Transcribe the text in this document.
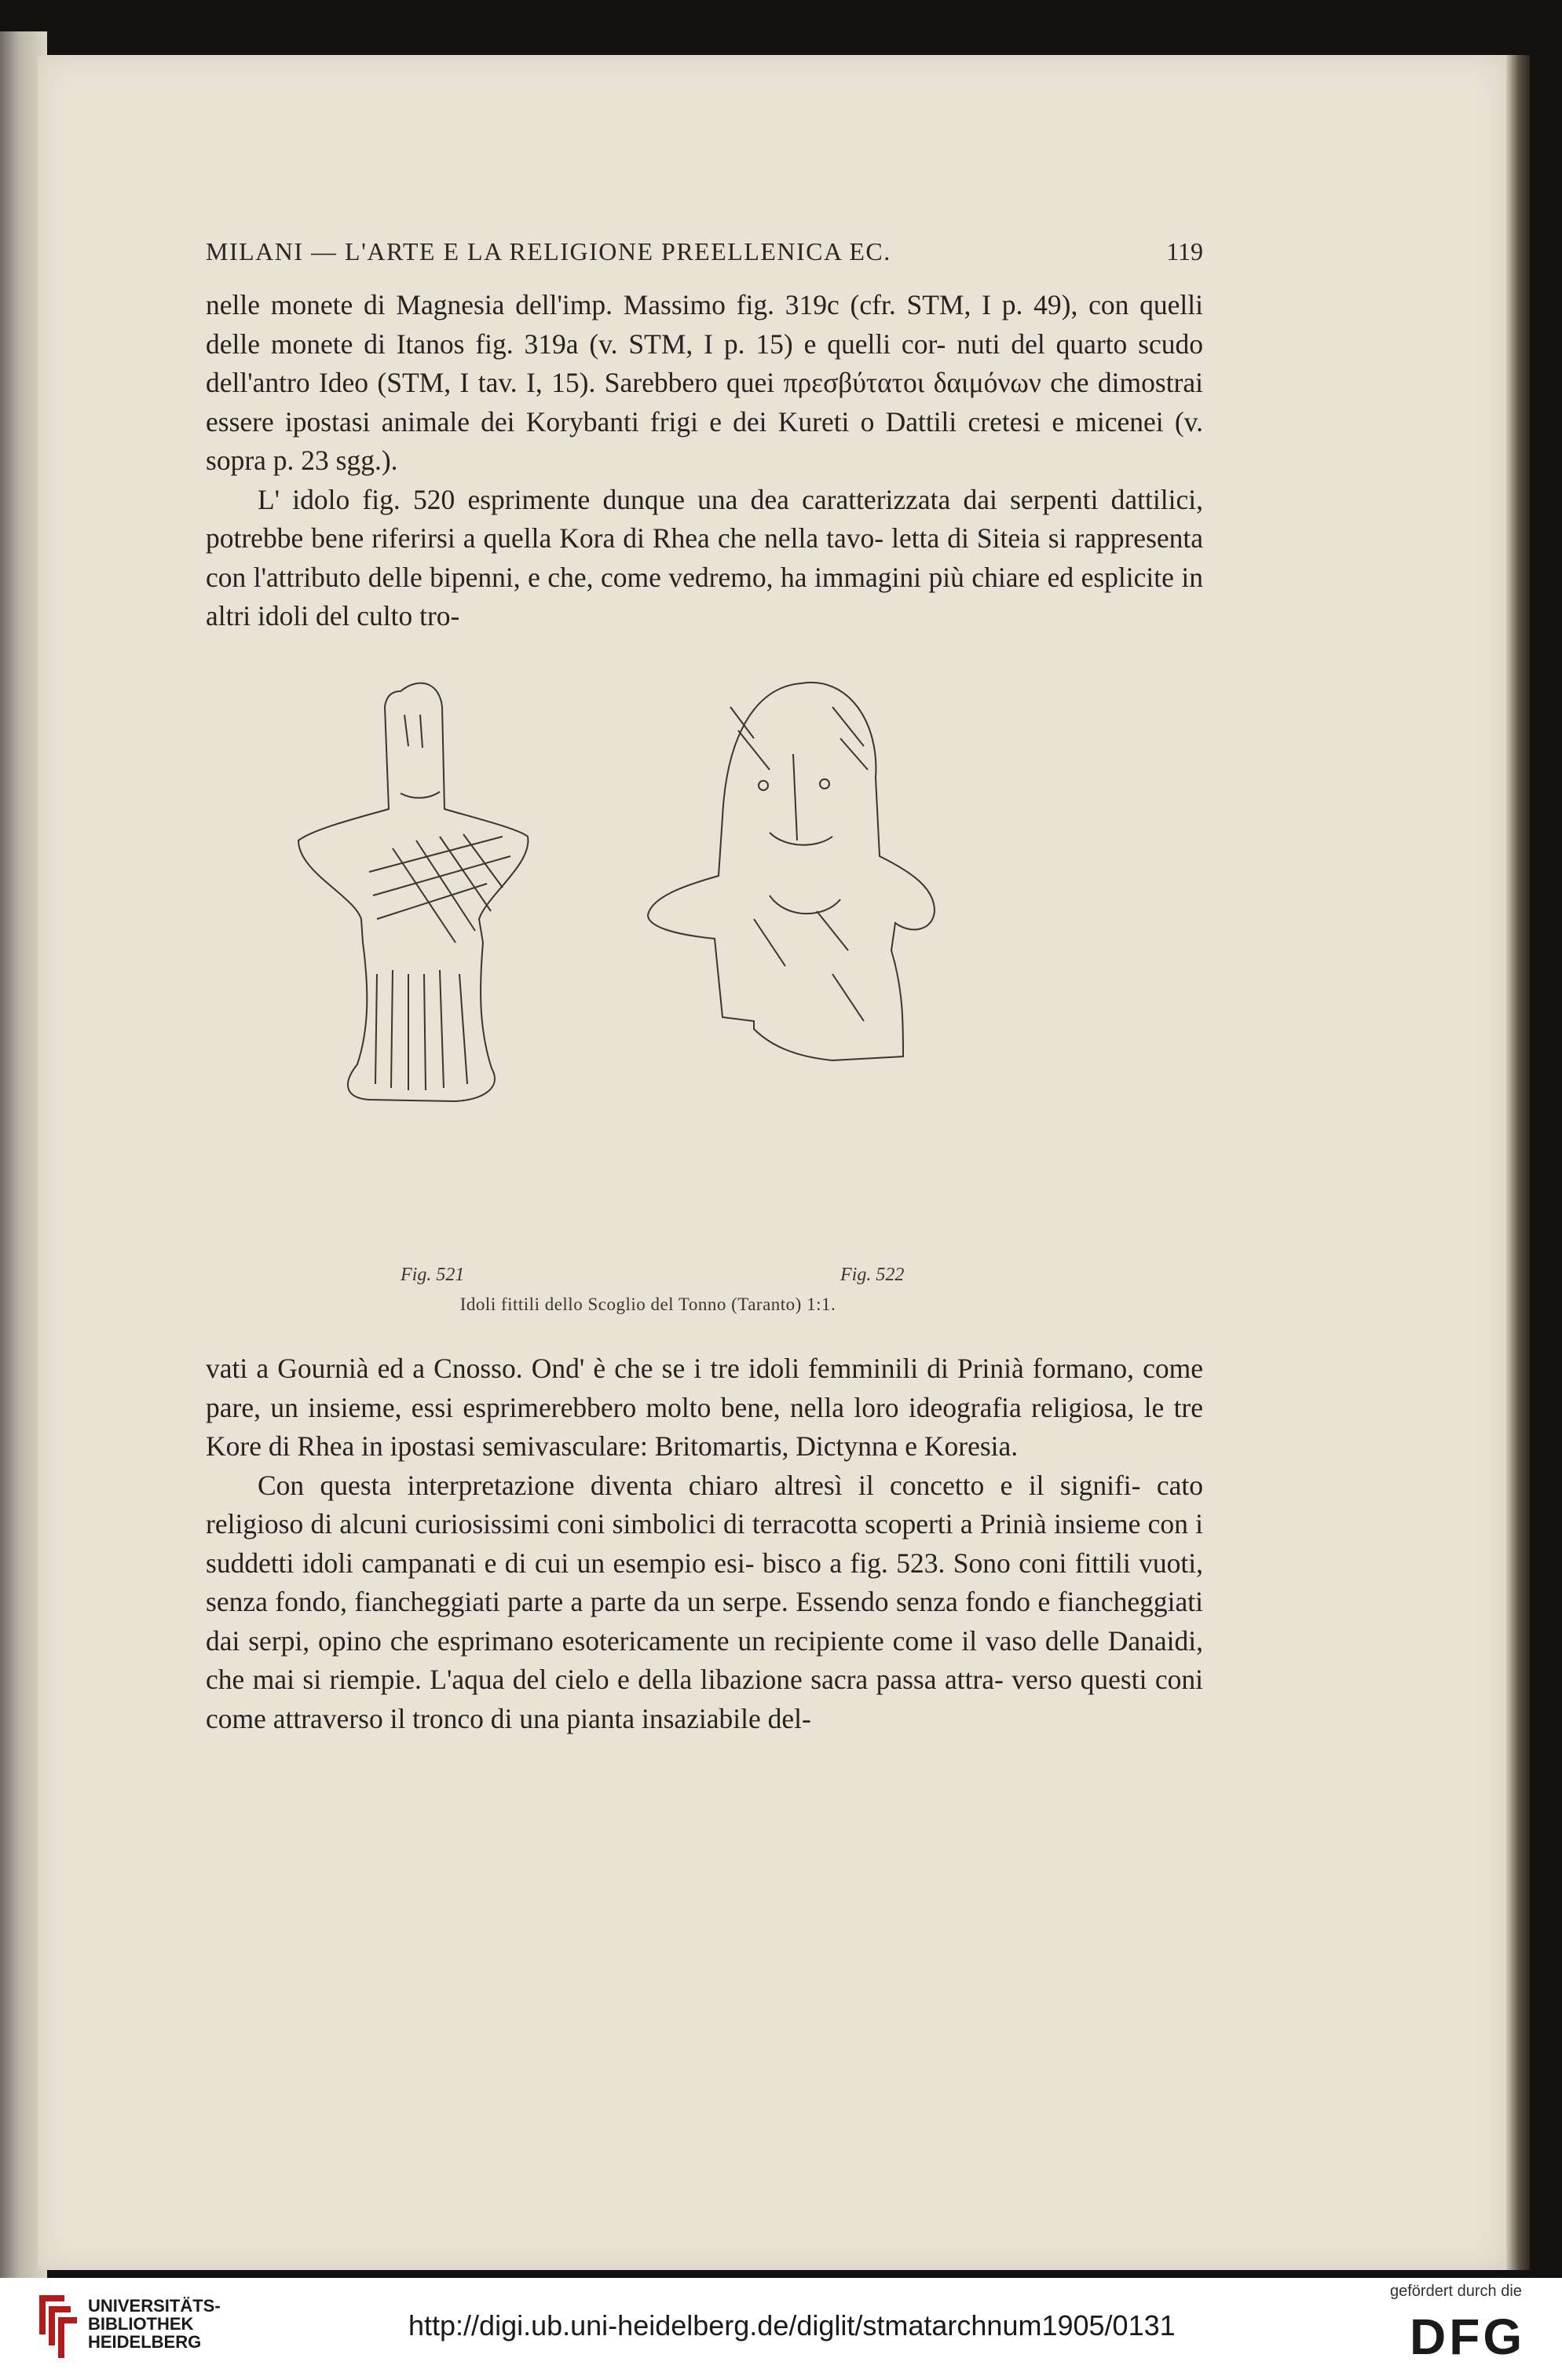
MILANI — L'ARTE E LA RELIGIONE PREELLENICA EC.	119

nelle monete di Magnesia dell'imp. Massimo fig. 319c (cfr. STM, I p. 49), con quelli delle monete di Itanos fig. 319a (v. STM, I p. 15) e quelli cor- nuti del quarto scudo dell'antro Ideo (STM, I tav. I, 15). Sarebbero quei πρεσβύτατοι δαιμόνων che dimostrai essere ipostasi animale dei Korybanti frigi e dei Kureti o Dattili cretesi e micenei (v. sopra p. 23 sgg.).

L' idolo fig. 520 esprimente dunque una dea caratterizzata dai serpenti dattilici, potrebbe bene riferirsi a quella Kora di Rhea che nella tavo- letta di Siteia si rappresenta con l'attributo delle bipenni, e che, come vedremo, ha immagini più chiare ed esplicite in altri idoli del culto tro-

Fig. 521	Fig. 522
Idoli fittili dello Scoglio del Tonno (Taranto) 1:1.

vati a Gournià ed a Cnosso. Ond' è che se i tre idoli femminili di Prinià formano, come pare, un insieme, essi esprimerebbero molto bene, nella loro ideografia religiosa, le tre Kore di Rhea in ipostasi semivasculare: Britomartis, Dictynna e Koresia.

Con questa interpretazione diventa chiaro altresì il concetto e il signifi- cato religioso di alcuni curiosissimi coni simbolici di terracotta scoperti a Prinià insieme con i suddetti idoli campanati e di cui un esempio esi- bisco a fig. 523. Sono coni fittili vuoti, senza fondo, fiancheggiati parte a parte da un serpe. Essendo senza fondo e fiancheggiati dai serpi, opino che esprimano esotericamente un recipiente come il vaso delle Danaidi, che mai si riempie. L'aqua del cielo e della libazione sacra passa attra- verso questi coni come attraverso il tronco di una pianta insaziabile del-

UNIVERSITÄTS-
BIBLIOTHEK
HEIDELBERG
http://digi.ub.uni-heidelberg.de/diglit/stmatarchnum1905/0131
gefördert durch die
DFG
